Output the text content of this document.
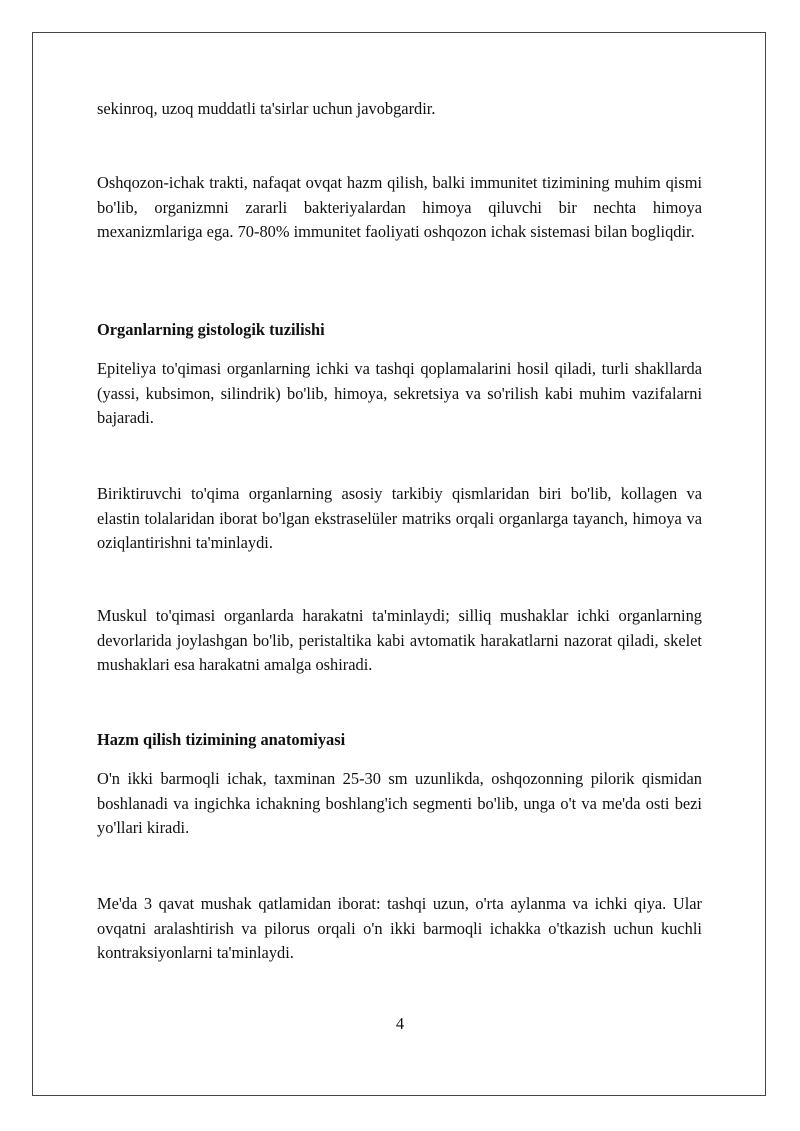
sekinroq, uzoq muddatli ta'sirlar uchun javobgardir.

Oshqozon-ichak trakti, nafaqat ovqat hazm qilish, balki immunitet tizimining muhim qismi bo'lib, organizmni zararli bakteriyalardan himoya qiluvchi bir nechta himoya mexanizmlariga ega. 70-80% immunitet faoliyati oshqozon ichak sistemasi bilan bogliqdir.

Organlarning gistologik tuzilishi

Epiteliya to'qimasi organlarning ichki va tashqi qoplamalarini hosil qiladi, turli shakllarda (yassi, kubsimon, silindrik) bo'lib, himoya, sekretsiya va so'rilish kabi muhim vazifalarni bajaradi.

Biriktiruvchi to'qima organlarning asosiy tarkibiy qismlaridan biri bo'lib, kollagen va elastin tolalaridan iborat bo'lgan ekstraselüler matriks orqali organlarga tayanch, himoya va oziqlantirishni ta'minlaydi.

Muskul to'qimasi organlarda harakatni ta'minlaydi; silliq mushaklar ichki organlarning devorlarida joylashgan bo'lib, peristaltika kabi avtomatik harakatlarni nazorat qiladi, skelet mushaklari esa harakatni amalga oshiradi.

Hazm qilish tizimining anatomiyasi

O'n ikki barmoqli ichak, taxminan 25-30 sm uzunlikda, oshqozonning pilorik qismidan boshlanadi va ingichka ichakning boshlang'ich segmenti bo'lib, unga o't va me'da osti bezi yo'llari kiradi.

Me'da 3 qavat mushak qatlamidan iborat: tashqi uzun, o'rta aylanma va ichki qiya. Ular ovqatni aralashtirish va pilorus orqali o'n ikki barmoqli ichakka o'tkazish uchun kuchli kontraksiyonlarni ta'minlaydi.

4
